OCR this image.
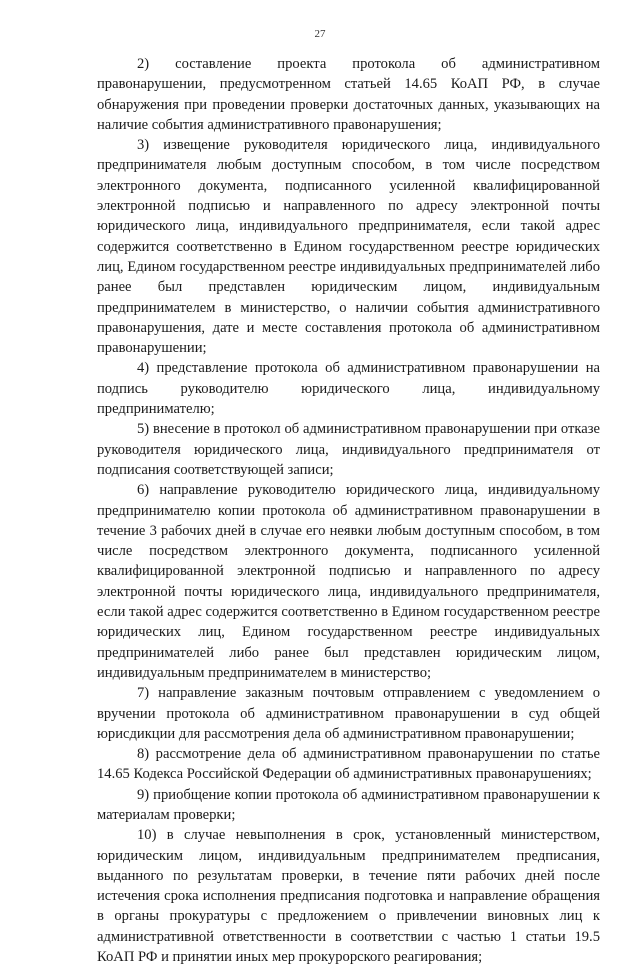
27

2) составление проекта протокола об административном правонарушении, предусмотренном статьей 14.65 КоАП РФ, в случае обнаружения при проведении проверки достаточных данных, указывающих на наличие события административного правонарушения;

3) извещение руководителя юридического лица, индивидуального предпринимателя любым доступным способом, в том числе посредством электронного документа, подписанного усиленной квалифицированной электронной подписью и направленного по адресу электронной почты юридического лица, индивидуального предпринимателя, если такой адрес содержится соответственно в Едином государственном реестре юридических лиц, Едином государственном реестре индивидуальных предпринимателей либо ранее был представлен юридическим лицом, индивидуальным предпринимателем в министерство, о наличии события административного правонарушения, дате и месте составления протокола об административном правонарушении;

4) представление протокола об административном правонарушении на подпись руководителю юридического лица, индивидуальному предпринимателю;

5) внесение в протокол об административном правонарушении при отказе руководителя юридического лица, индивидуального предпринимателя от подписания соответствующей записи;

6) направление руководителю юридического лица, индивидуальному предпринимателю копии протокола об административном правонарушении в течение 3 рабочих дней в случае его неявки любым доступным способом, в том числе посредством электронного документа, подписанного усиленной квалифицированной электронной подписью и направленного по адресу электронной почты юридического лица, индивидуального предпринимателя, если такой адрес содержится соответственно в Едином государственном реестре юридических лиц, Едином государственном реестре индивидуальных предпринимателей либо ранее был представлен юридическим лицом, индивидуальным предпринимателем в министерство;

7) направление заказным почтовым отправлением с уведомлением о вручении протокола об административном правонарушении в суд общей юрисдикции для рассмотрения дела об административном правонарушении;

8) рассмотрение дела об административном правонарушении по статье 14.65 Кодекса Российской Федерации об административных правонарушениях;

9) приобщение копии протокола об административном правонарушении к материалам проверки;

10) в случае невыполнения в срок, установленный министерством, юридическим лицом, индивидуальным предпринимателем предписания, выданного по результатам проверки, в течение пяти рабочих дней после истечения срока исполнения предписания подготовка и направление обращения в органы прокуратуры с предложением о привлечении виновных лиц к административной ответственности в соответствии с частью 1 статьи 19.5 КоАП РФ и принятии иных мер прокурорского реагирования;
